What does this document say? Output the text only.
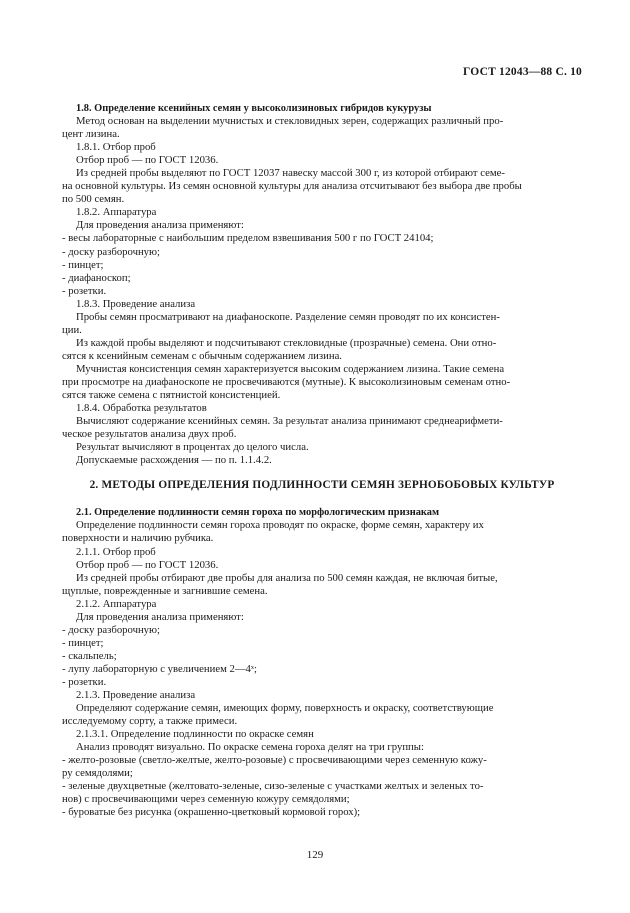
ГОСТ 12043—88 С. 10

1.8. Определение ксенийных семян у высоколизиновых гибридов кукурузы

Метод основан на выделении мучнистых и стекловидных зерен, содержащих различный про-

цент лизина.

1.8.1. Отбор проб

Отбор проб — по ГОСТ 12036.

Из средней пробы выделяют по ГОСТ 12037 навеску массой 300 г, из которой отбирают семе-

на основной культуры. Из семян основной культуры для анализа отсчитывают без выбора две пробы

по 500 семян.

1.8.2. Аппаратура

Для проведения анализа применяют:

- весы лабораторные с наибольшим пределом взвешивания 500 г по ГОСТ 24104;

- доску разборочную;

- пинцет;

- диафаноскоп;

- розетки.

1.8.3. Проведение анализа

Пробы семян просматривают на диафаноскопе. Разделение семян проводят по их консистен-

ции.

Из каждой пробы выделяют и подсчитывают стекловидные (прозрачные) семена. Они отно-

сятся к ксенийным семенам с обычным содержанием лизина.

Мучнистая консистенция семян характеризуется высоким содержанием лизина. Такие семена

при просмотре на диафаноскопе не просвечиваются (мутные). К высоколизиновым семенам отно-

сятся также семена с пятнистой консистенцией.

1.8.4. Обработка результатов

Вычисляют содержание ксенийных семян. За результат анализа принимают среднеарифмети-

ческое результатов анализа двух проб.

Результат вычисляют в процентах до целого числа.

Допускаемые расхождения — по п. 1.1.4.2.

2. МЕТОДЫ ОПРЕДЕЛЕНИЯ ПОДЛИННОСТИ СЕМЯН ЗЕРНОБОБОВЫХ КУЛЬТУР

2.1. Определение подлинности семян гороха по морфологическим признакам

Определение подлинности семян гороха проводят по окраске, форме семян, характеру их

поверхности и наличию рубчика.

2.1.1. Отбор проб

Отбор проб — по ГОСТ 12036.

Из средней пробы отбирают две пробы для анализа по 500 семян каждая, не включая битые,

щуплые, поврежденные и загнившие семена.

2.1.2. Аппаратура

Для проведения анализа применяют:

- доску разборочную;

- пинцет;

- скальпель;

- лупу лабораторную с увеличением 2—4ˣ;

- розетки.

2.1.3. Проведение анализа

Определяют содержание семян, имеющих форму, поверхность и окраску, соответствующие

исследуемому сорту, а также примеси.

2.1.3.1. Определение подлинности по окраске семян

Анализ проводят визуально. По окраске семена гороха делят на три группы:

- желто-розовые (светло-желтые, желто-розовые) с просвечивающими через семенную кожу-

ру семядолями;

- зеленые двухцветные (желтовато-зеленые, сизо-зеленые с участками желтых и зеленых то-

нов) с просвечивающими через семенную кожуру семядолями;

- буроватые без рисунка (окрашенно-цветковый кормовой горох);

129
